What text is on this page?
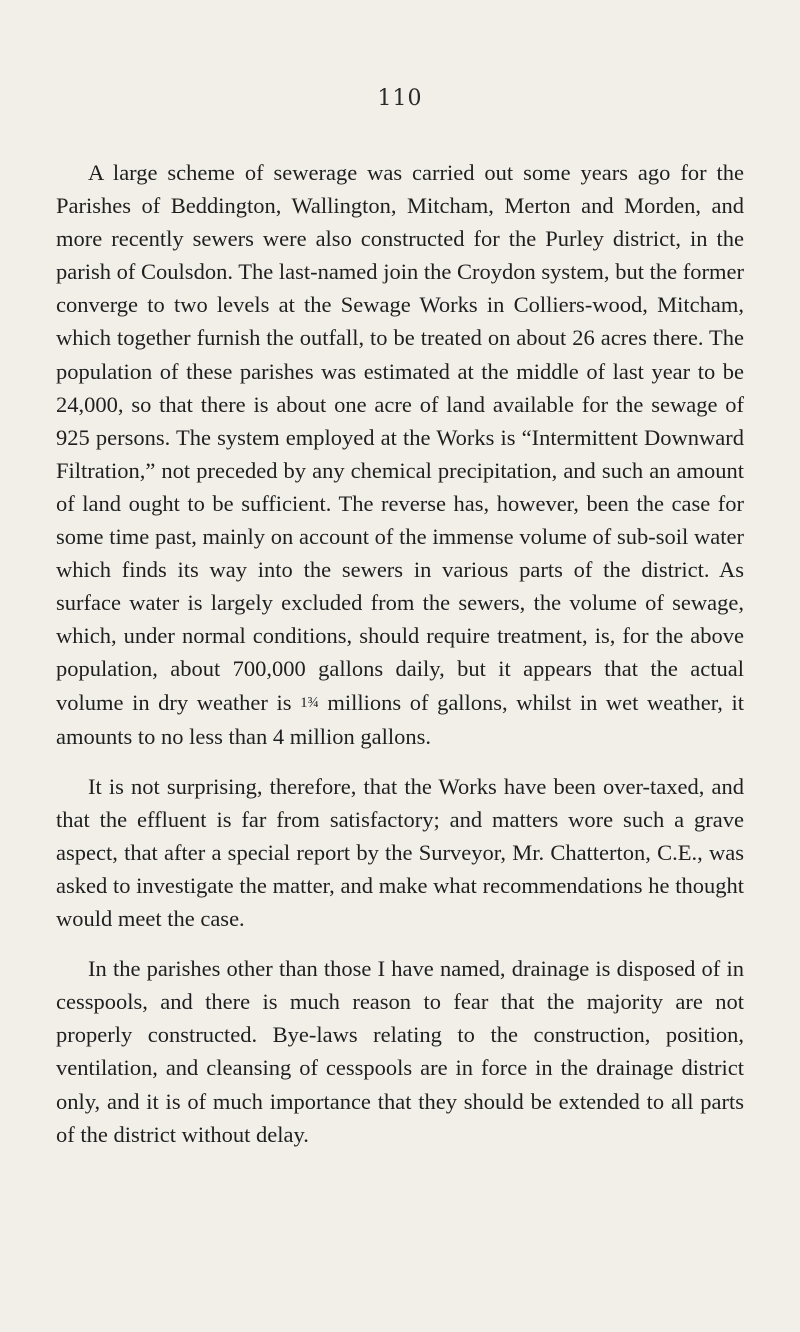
110

A large scheme of sewerage was carried out some years ago for the Parishes of Beddington, Wallington, Mitcham, Merton and Morden, and more recently sewers were also constructed for the Purley district, in the parish of Coulsdon. The last-named join the Croydon system, but the former converge to two levels at the Sewage Works in Colliers-wood, Mitcham, which together furnish the outfall, to be treated on about 26 acres there. The population of these parishes was estimated at the middle of last year to be 24,000, so that there is about one acre of land available for the sewage of 925 persons. The system employed at the Works is “Intermittent Downward Filtration,” not preceded by any chemical precipitation, and such an amount of land ought to be sufficient. The reverse has, however, been the case for some time past, mainly on account of the immense volume of sub-soil water which finds its way into the sewers in various parts of the district. As surface water is largely excluded from the sewers, the volume of sewage, which, under normal conditions, should require treatment, is, for the above population, about 700,000 gallons daily, but it appears that the actual volume in dry weather is 1¾ millions of gallons, whilst in wet weather, it amounts to no less than 4 million gallons.

It is not surprising, therefore, that the Works have been over-taxed, and that the effluent is far from satisfactory; and matters wore such a grave aspect, that after a special report by the Surveyor, Mr. Chatterton, C.E., was asked to investigate the matter, and make what recommendations he thought would meet the case.

In the parishes other than those I have named, drainage is disposed of in cesspools, and there is much reason to fear that the majority are not properly constructed. Bye-laws relating to the construction, position, ventilation, and cleansing of cesspools are in force in the drainage district only, and it is of much importance that they should be extended to all parts of the district without delay.
